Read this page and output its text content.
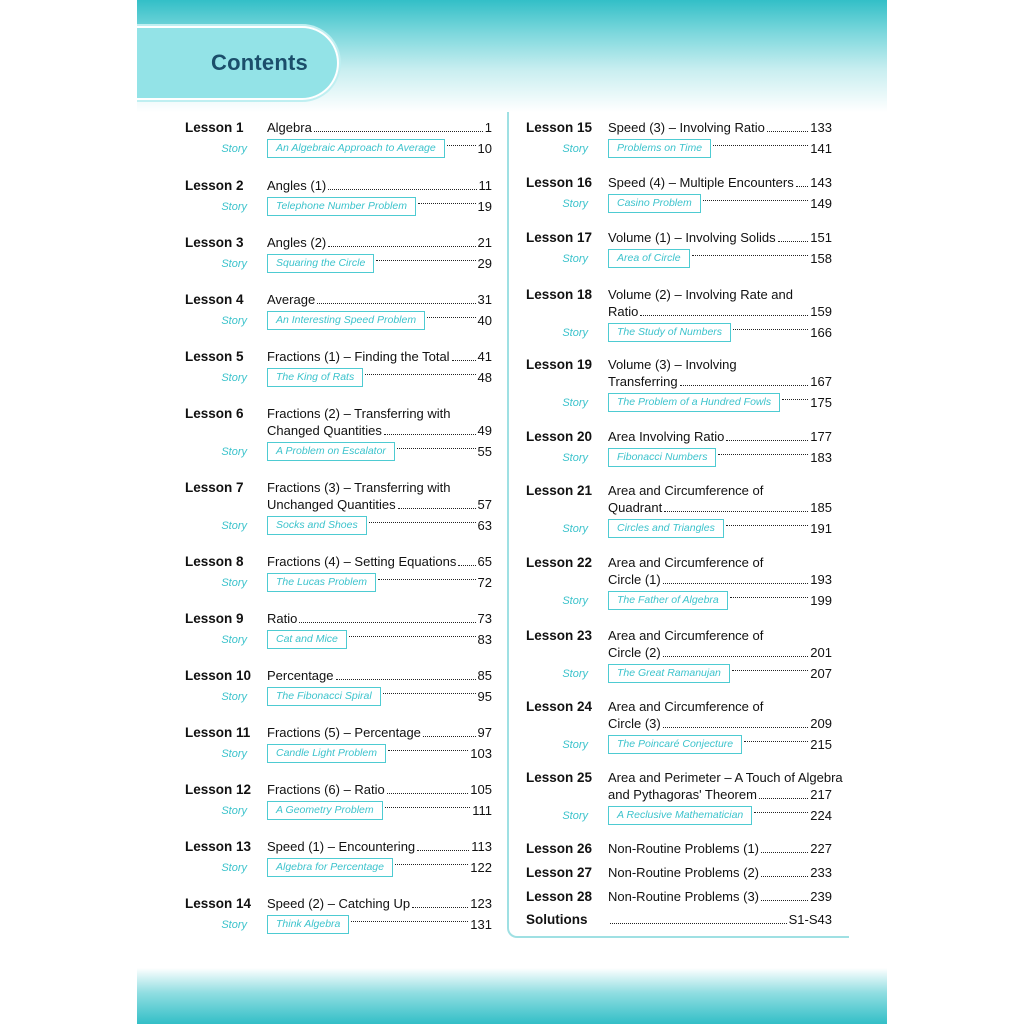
Contents
Lesson 1	Algebra	1
Story	An Algebraic Approach to Average	10
Lesson 2	Angles (1)	11
Story	Telephone Number Problem	19
Lesson 3	Angles (2)	21
Story	Squaring the Circle	29
Lesson 4	Average	31
Story	An Interesting Speed Problem	40
Lesson 5	Fractions (1) – Finding the Total 41
Story	The King of Rats	48
Lesson 6	Fractions (2) – Transferring with
Changed Quantities	49
Story	A Problem on Escalator	55
Lesson 7	Fractions (3) – Transferring with
Unchanged Quantities	57
Story	Socks and Shoes	63
Lesson 8	Fractions (4) – Setting Equations 65
Story	The Lucas Problem	72
Lesson 9	Ratio	73
Story	Cat and Mice	83
Lesson 10	Percentage	85
Story	The Fibonacci Spiral	95
Lesson 11	Fractions (5) – Percentage	97
Story	Candle Light Problem	103
Lesson 12	Fractions (6) – Ratio	105
Story	A Geometry Problem	111
Lesson 13	Speed (1) – Encountering	113
Story	Algebra for Percentage	122
Lesson 14	Speed (2) – Catching Up	123
Story	Think Algebra	131
Lesson 15	Speed (3) – Involving Ratio	133
Story	Problems on Time	141
Lesson 16	Speed (4) – Multiple Encounters 143
Story	Casino Problem	149
Lesson 17	Volume (1) – Involving Solids	151
Story	Area of Circle	158
Lesson 18	Volume (2) – Involving Rate and
Ratio	159
Story	The Study of Numbers	166
Lesson 19	Volume (3) – Involving
Transferring	167
Story	The Problem of a Hundred Fowls	175
Lesson 20	Area Involving Ratio	177
Story	Fibonacci Numbers	183
Lesson 21	Area and Circumference of
Quadrant	185
Story	Circles and Triangles	191
Lesson 22	Area and Circumference of
Circle (1)	193
Story	The Father of Algebra	199
Lesson 23	Area and Circumference of
Circle (2)	201
Story	The Great Ramanujan	207
Lesson 24	Area and Circumference of
Circle (3)	209
Story	The Poincaré Conjecture	215
Lesson 25	Area and Perimeter – A Touch of Algebra
and Pythagoras' Theorem	217
Story	A Reclusive Mathematician	224
Lesson 26	Non-Routine Problems (1)	227
Lesson 27	Non-Routine Problems (2)	233
Lesson 28	Non-Routine Problems (3)	239
Solutions	S1-S43
